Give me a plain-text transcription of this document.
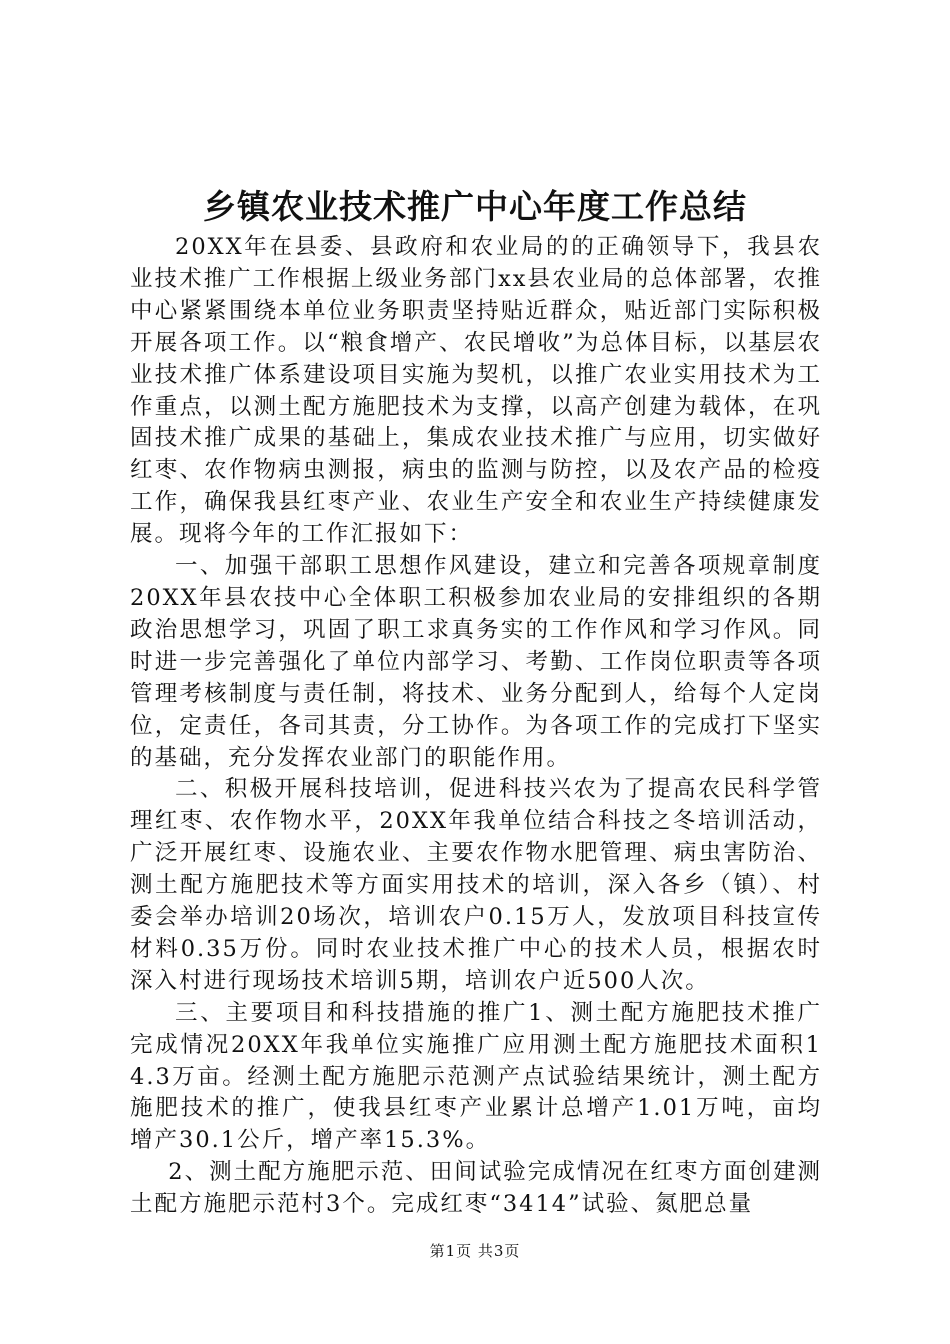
乡镇农业技术推广中心年度工作总结

20XX年在县委、县政府和农业局的的正确领导下，我县农业技术推广工作根据上级业务部门xx县农业局的总体部署，农推中心紧紧围绕本单位业务职责坚持贴近群众，贴近部门实际积极开展各项工作。以“粮食增产、农民增收”为总体目标，以基层农业技术推广体系建设项目实施为契机，以推广农业实用技术为工作重点，以测土配方施肥技术为支撑，以高产创建为载体，在巩固技术推广成果的基础上，集成农业技术推广与应用，切实做好红枣、农作物病虫测报，病虫的监测与防控，以及农产品的检疫工作，确保我县红枣产业、农业生产安全和农业生产持续健康发展。现将今年的工作汇报如下：

一、加强干部职工思想作风建设，建立和完善各项规章制度20XX年县农技中心全体职工积极参加农业局的安排组织的各期政治思想学习，巩固了职工求真务实的工作作风和学习作风。同时进一步完善强化了单位内部学习、考勤、工作岗位职责等各项管理考核制度与责任制，将技术、业务分配到人，给每个人定岗位，定责任，各司其责，分工协作。为各项工作的完成打下坚实的基础，充分发挥农业部门的职能作用。

二、积极开展科技培训，促进科技兴农为了提高农民科学管理红枣、农作物水平，20XX年我单位结合科技之冬培训活动，广泛开展红枣、设施农业、主要农作物水肥管理、病虫害防治、测土配方施肥技术等方面实用技术的培训，深入各乡（镇）、村委会举办培训20场次，培训农户0.15万人，发放项目科技宣传材料0.35万份。同时农业技术推广中心的技术人员，根据农时深入村进行现场技术培训5期，培训农户近500人次。

三、主要项目和科技措施的推广1、测土配方施肥技术推广完成情况20XX年我单位实施推广应用测土配方施肥技术面积14.3万亩。经测土配方施肥示范测产点试验结果统计，测土配方施肥技术的推广，使我县红枣产业累计总增产1.01万吨，亩均增产30.1公斤，增产率15.3%。

2、测土配方施肥示范、田间试验完成情况在红枣方面创建测土配方施肥示范村3个。完成红枣“3414”试验、氮肥总量

第1页 共3页
